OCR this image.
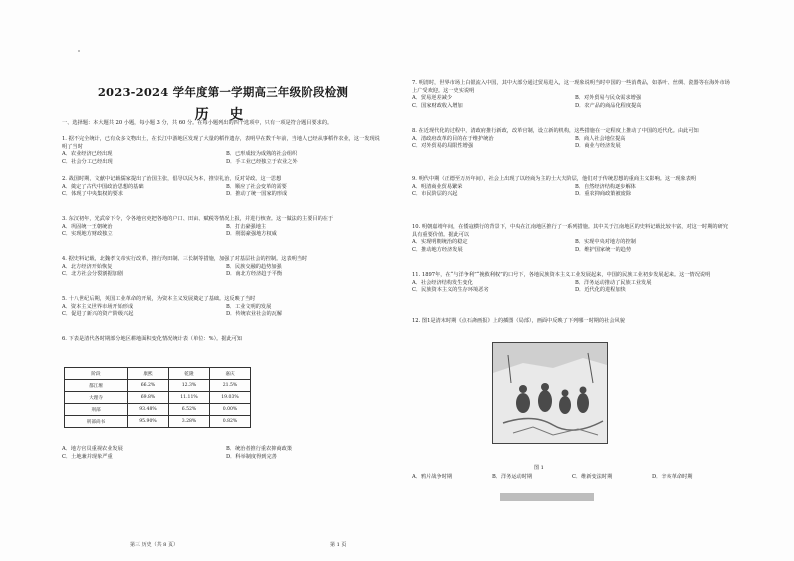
2023-2024 学年度第一学期高三年级阶段检测
历 史
一、选择题：本大题共 20 小题，每小题 3 分，共 60 分。在每小题列出的四个选项中，只有一项是符合题目要求的。
1. 据不完全统计，已有众多文物出土，在长江中游地区发现了大量的稻作遗存，表明早在数千年前，当地人已经从事稻作农业，这一发现说明了当时
A．农业经济已经出现	B．已形成较为成熟的社会组织
C．社会分工已经出现	D．手工业已经独立于农业之外
2. 战国时期，文献中记载儒家提出了治国主张，倡导以民为本，推崇礼治，反对苛政。这一思想
A．奠定了古代中国政治思想的基础	B．顺应了社会变革的需要
C．体现了中央集权的要求	D．推动了统一国家的形成
3. 东汉初年，光武帝下令，令各地官吏把各地的户口、田亩、赋税等情况上报，并进行核查。这一做法的主要目的在于
A．巩固统一王朝统治	B．打击豪强地主
C．实现地方财政独立	D．削弱豪强地方权威
4. 据史料记载，北魏孝文帝实行改革，推行均田制、三长制等措施，加强了对基层社会的控制。这表明当时
A．北方经济开始恢复	B．民族交融的趋势加强
C．北方社会分裂割据加剧	D．南北方经济趋于平衡
5. 十八世纪后期，英国工业革命的开展，为资本主义发展奠定了基础。这反映了当时
A．资本主义世界市场开始形成	B．工业文明的发展
C．促进了新兴的资产阶级兴起	D．传统农业社会的瓦解
6. 下表是清代各时期部分地区耕地面积变化情况统计表（单位：%）。据此可知
A．地方官员重视农业发展	B．统治者推行重农抑商政策
C．土地兼并现象严重	D．科举制度得到完善
阶段	康熙	乾隆	嘉庆
都江堰	66.2%	12.3%	21.5%
大理寺	69.8%	11.11%	19.03%
刑部	93.48%	6.52%	0.00%
刑部尚书	95.90%	3.28%	0.82%
7. 明清时，世界市场上白银流入中国，其中大部分通过贸易进入，这一现象说明当时中国的一些消费品，如茶叶、丝绸、瓷器等在海外市场上广受欢迎。这一史实说明
A．贸易逆差减少	B．对外贸易与民众需求增强
C．国家财政收入增加	D．农产品的商品化程度提高
8. 在近现代化的过程中，清政府推行新政，改革官制，设立新的机构，这些措施在一定程度上推动了中国的近代化。由此可知
A．清政府改革的目的在于维护统治	B．商人社会地位提高
C．对外贸易的局限性增强	D．商业与经济发展
9. 明代中期（正德至万历年间），社会上出现了以经商为主的士大夫阶层，他们对于传统思想的重商主义影响。这一现象表明
A．明清商业贸易繁荣	B．自然经济结构逐步解体
C．市民阶层的兴起	D．重农抑商政策被废除
10. 明朝嘉靖年间，在倭寇横行的背景下，中央在江南地区推行了一系列措施。其中关于江南地区的史料记载比较丰富，对这一时期的研究具有重要价值。据此可以
A．实现明朝统治的稳定	B．实现中央对地方的控制
C．推动地方经济发展	D．维护国家统一的趋势
11. 1897年，在“与洋争利”“挽救利权”的口号下，各地民族资本主义工业发展起来，中国的民族工业初步发展起来。这一情况说明
A．社会经济结构发生变化	B．洋务运动推动了民族工业发展
C．民族资本主义的生存环境恶劣	D．近代化的进程加快
12. 图1是清末时期《点石斋画报》上的插图（局部），画面中反映了下列哪一时期的社会风貌
A．鸦片战争时期	B．洋务运动时期	C．维新变法时期	D．辛亥革命时期
图 1
第三 历史（共 8 页）	第 1 页
